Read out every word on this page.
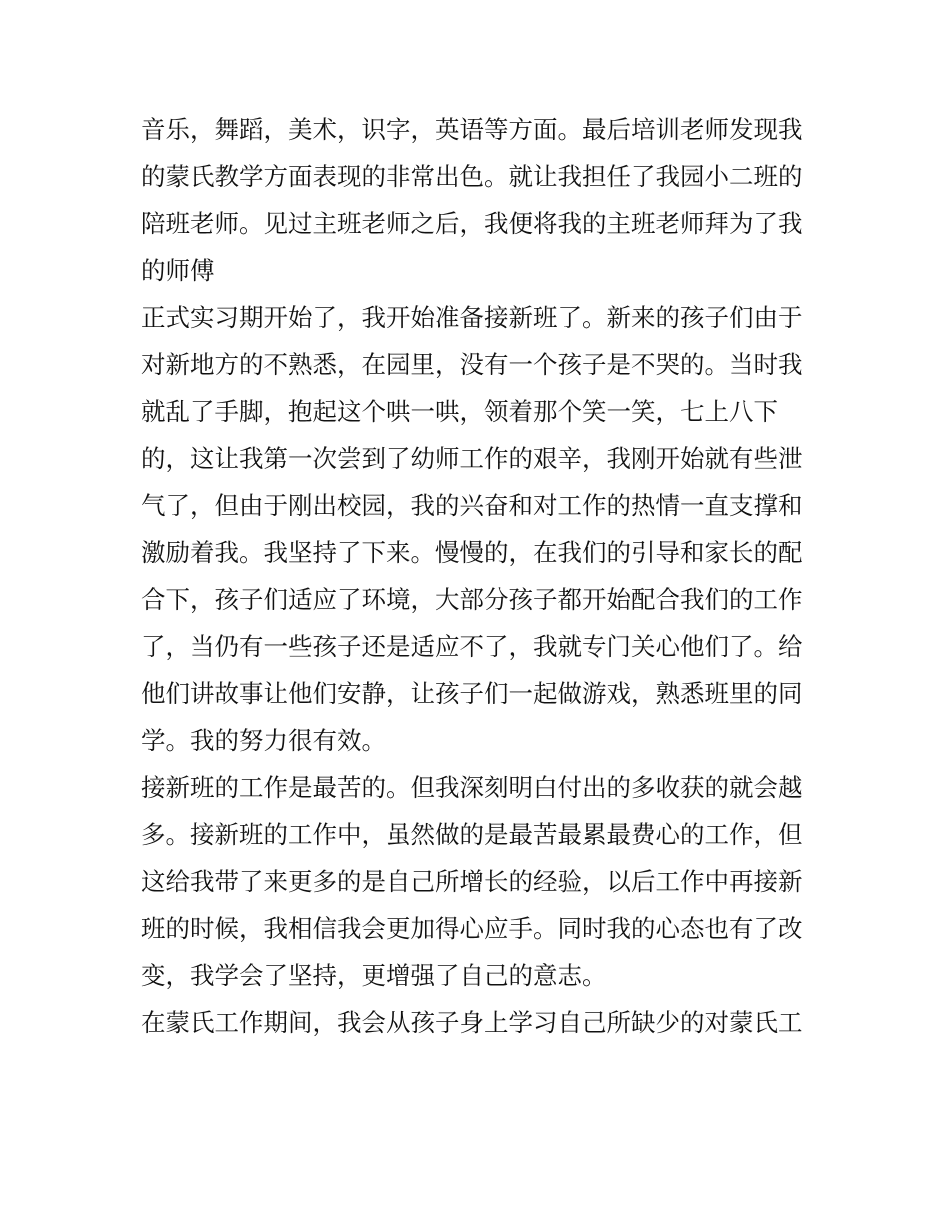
音乐，舞蹈，美术，识字，英语等方面。最后培训老师发现我
的蒙氏教学方面表现的非常出色。就让我担任了我园小二班的
陪班老师。见过主班老师之后，我便将我的主班老师拜为了我
的师傅
正式实习期开始了，我开始准备接新班了。新来的孩子们由于
对新地方的不熟悉，在园里，没有一个孩子是不哭的。当时我
就乱了手脚，抱起这个哄一哄，领着那个笑一笑，七上八下
的，这让我第一次尝到了幼师工作的艰辛，我刚开始就有些泄
气了，但由于刚出校园，我的兴奋和对工作的热情一直支撑和
激励着我。我坚持了下来。慢慢的，在我们的引导和家长的配
合下，孩子们适应了环境，大部分孩子都开始配合我们的工作
了，当仍有一些孩子还是适应不了，我就专门关心他们了。给
他们讲故事让他们安静，让孩子们一起做游戏，熟悉班里的同
学。我的努力很有效。
接新班的工作是最苦的。但我深刻明白付出的多收获的就会越
多。接新班的工作中，虽然做的是最苦最累最费心的工作，但
这给我带了来更多的是自己所增长的经验，以后工作中再接新
班的时候，我相信我会更加得心应手。同时我的心态也有了改
变，我学会了坚持，更增强了自己的意志。
在蒙氏工作期间，我会从孩子身上学习自己所缺少的对蒙氏工
